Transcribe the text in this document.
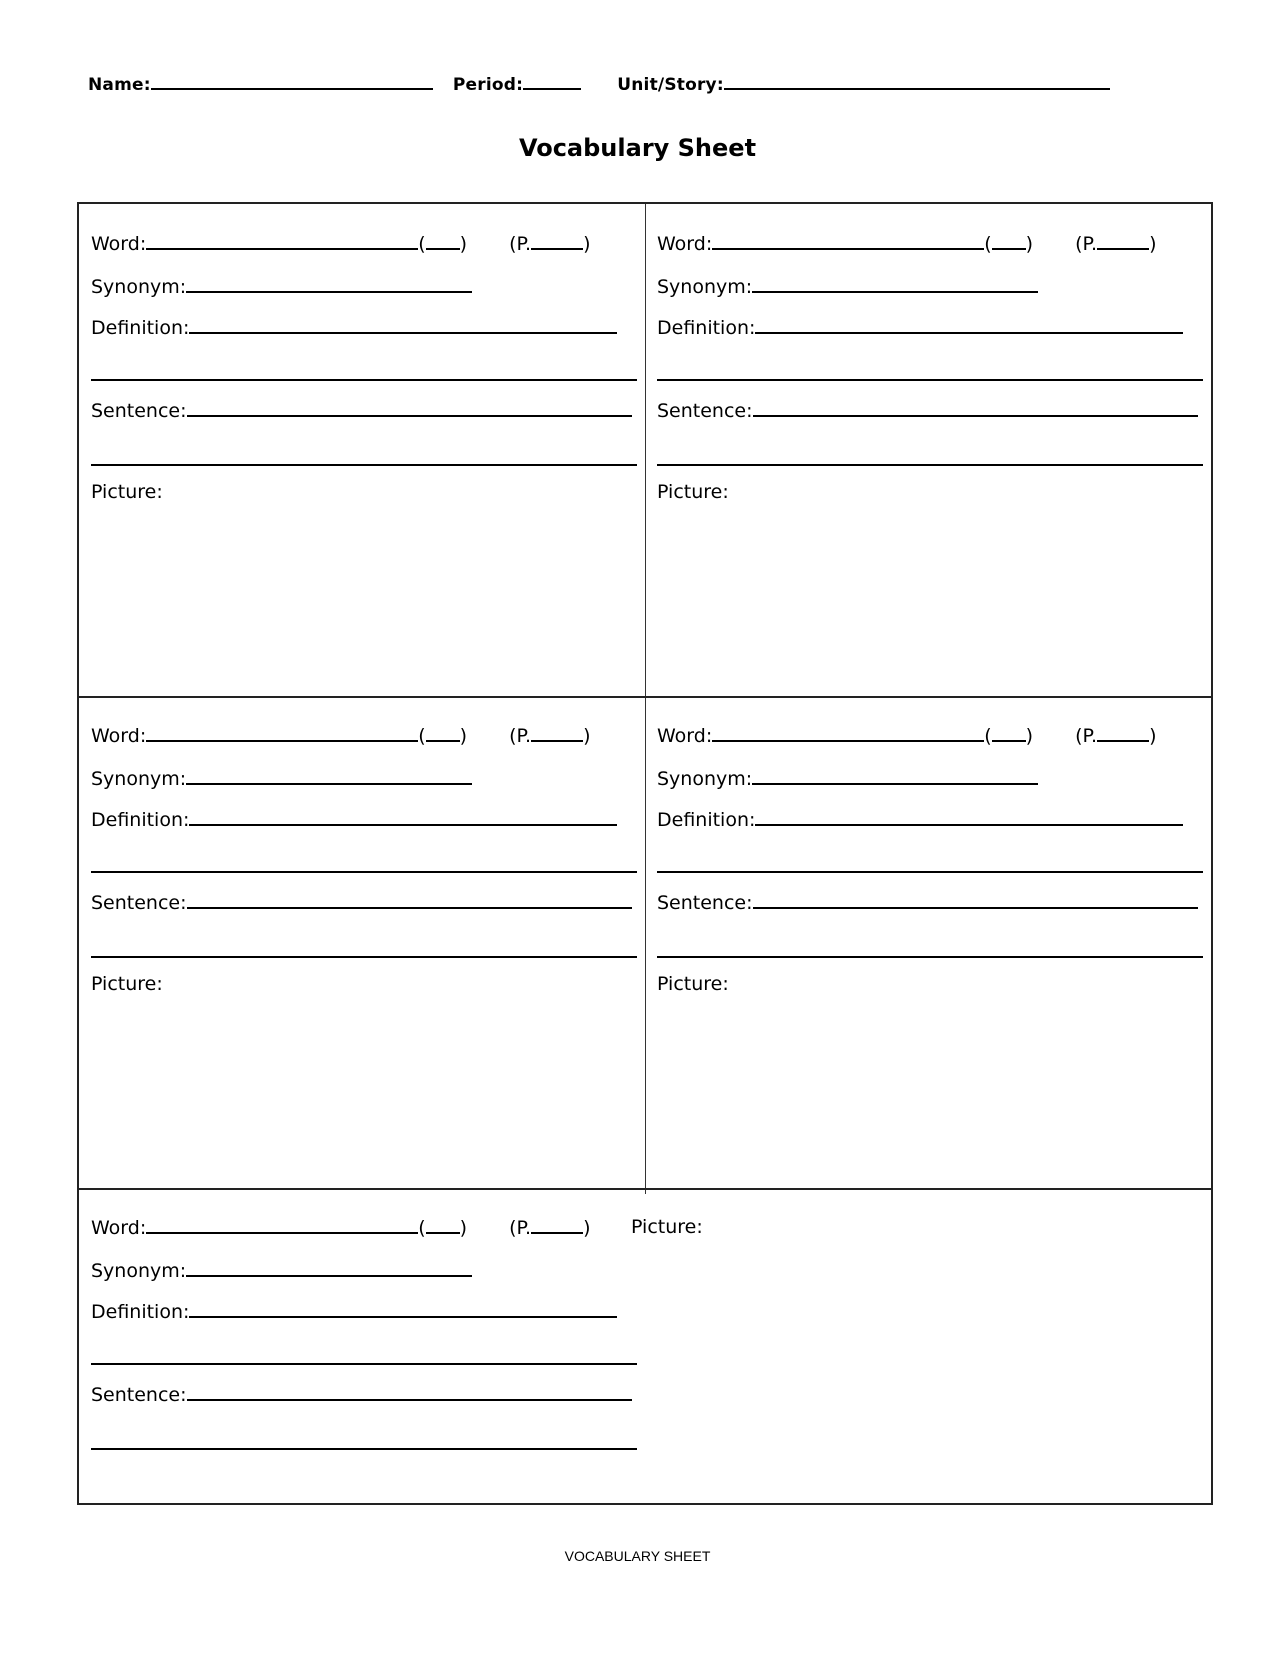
Name:	Period:	Unit/Story:
Vocabulary Sheet
Word:	( ) (P.	)
Synonym:
Definition:
Sentence:
Picture:
Word:	( ) (P.	)
Synonym:
Definition:
Sentence:
Picture:
Word:	( ) (P.	)
Synonym:
Definition:
Sentence:
Picture:
Word:	( ) (P.	)
Synonym:
Definition:
Sentence:
Picture:
Word:	( ) (P.	)
Synonym:
Definition:
Sentence:
Picture:
VOCABULARY SHEET
